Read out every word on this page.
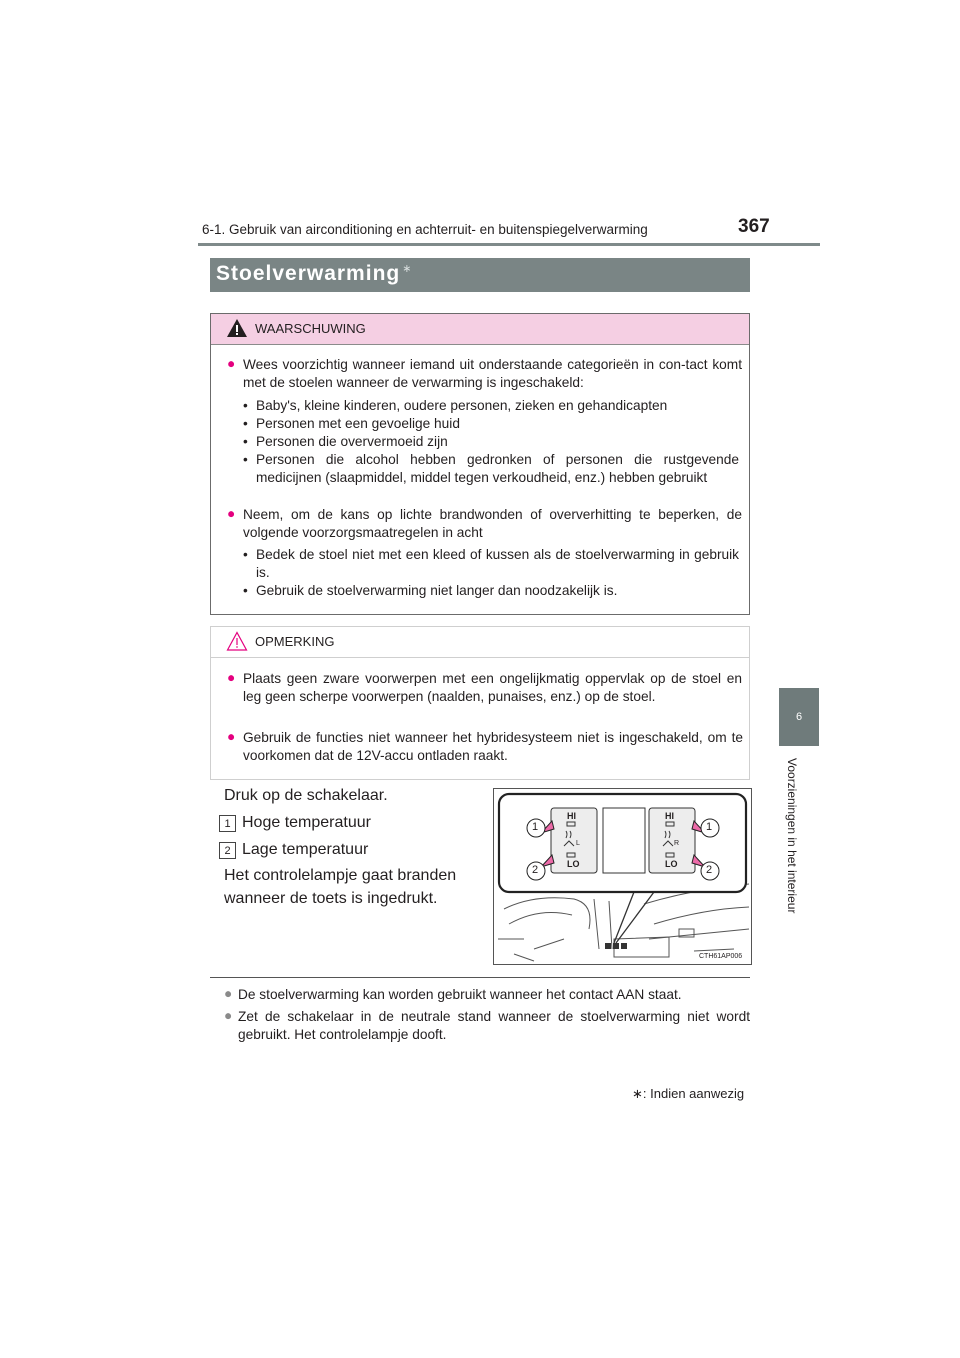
6-1. Gebruik van airconditioning en achterruit- en buitenspiegelverwarming	367
6
Voorzieningen in het interieur
Stoelverwarming ∗
WAARSCHUWING
● Wees voorzichtig wanneer iemand uit onderstaande categorieën in con-tact komt met de stoelen wanneer de verwarming is ingeschakeld:
• Baby's, kleine kinderen, oudere personen, zieken en gehandicapten
• Personen met een gevoelige huid
• Personen die oververmoeid zijn
• Personen die alcohol hebben gedronken of personen die rustgevende medicijnen (slaapmiddel, middel tegen verkoudheid, enz.) hebben gebruikt
● Neem, om de kans op lichte brandwonden of oververhitting te beperken, de volgende voorzorgsmaatregelen in acht
• Bedek de stoel niet met een kleed of kussen als de stoelverwarming in gebruik is.
• Gebruik de stoelverwarming niet langer dan noodzakelijk is.
OPMERKING
● Plaats geen zware voorwerpen met een ongelijkmatig oppervlak op de stoel en leg geen scherpe voorwerpen (naalden, punaises, enz.) op de stoel.
● Gebruik de functies niet wanneer het hybridesysteem niet is ingeschakeld, om te voorkomen dat de 12V-accu ontladen raakt.
Druk op de schakelaar.
1 Hoge temperatuur
2 Lage temperatuur
Het controlelampje gaat branden
wanneer de toets is ingedrukt.
HI
LO
L
HI
LO
R
1
2
1
2
CTH61AP006
● De stoelverwarming kan worden gebruikt wanneer het contact AAN staat.
● Zet de schakelaar in de neutrale stand wanneer de stoelverwarming niet wordt gebruikt. Het controlelampje dooft.
∗: Indien aanwezig
